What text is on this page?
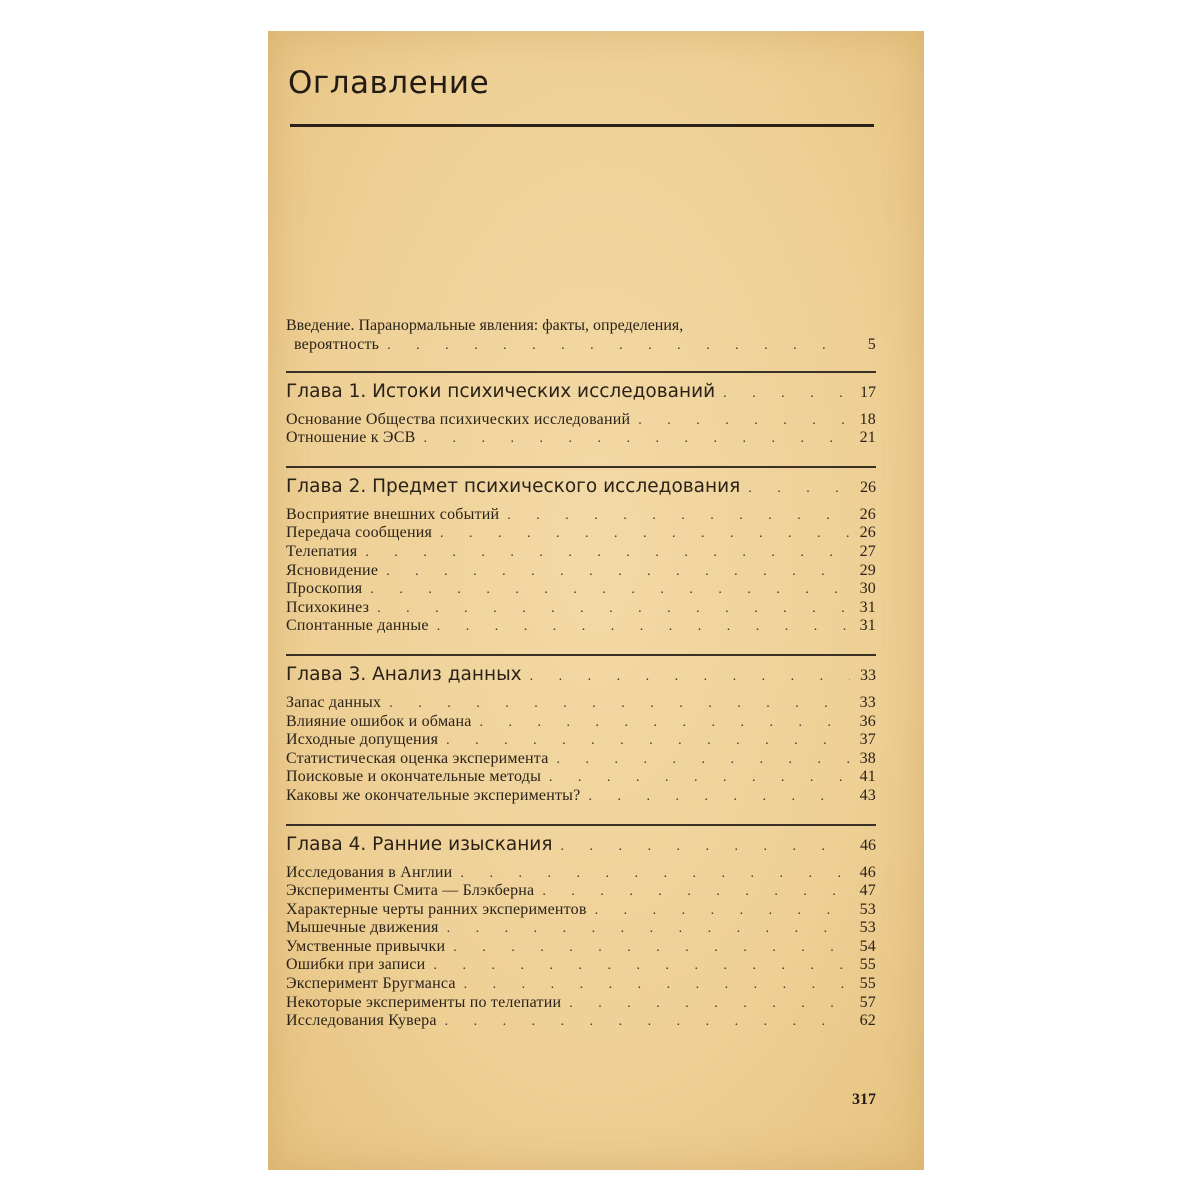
Оглавление
Введение. Паранормальные явления: факты, определения,
вероятность . . .	5
Глава 1. Истоки психических исследований . . .	17
Основание Общества психических исследований . . .	18
Отношение к ЭСВ . . .	21
Глава 2. Предмет психического исследования . . .	26
Восприятие внешних событий . . .	26
Передача сообщения . . .	26
Телепатия . . .	27
Ясновидение . . .	29
Проскопия . . .	30
Психокинез . . .	31
Спонтанные данные . . .	31
Глава 3. Анализ данных . . .	33
Запас данных . . .	33
Влияние ошибок и обмана . . .	36
Исходные допущения . . .	37
Статистическая оценка эксперимента . . .	38
Поисковые и окончательные методы . . .	41
Каковы же окончательные эксперименты? . . .	43
Глава 4. Ранние изыскания . . .	46
Исследования в Англии . . .	46
Эксперименты Смита — Блэкберна . . .	47
Характерные черты ранних экспериментов . . .	53
Мышечные движения . . .	53
Умственные привычки . . .	54
Ошибки при записи . . .	55
Эксперимент Бругманса . . .	55
Некоторые эксперименты по телепатии . . .	57
Исследования Кувера . . .	62
317
